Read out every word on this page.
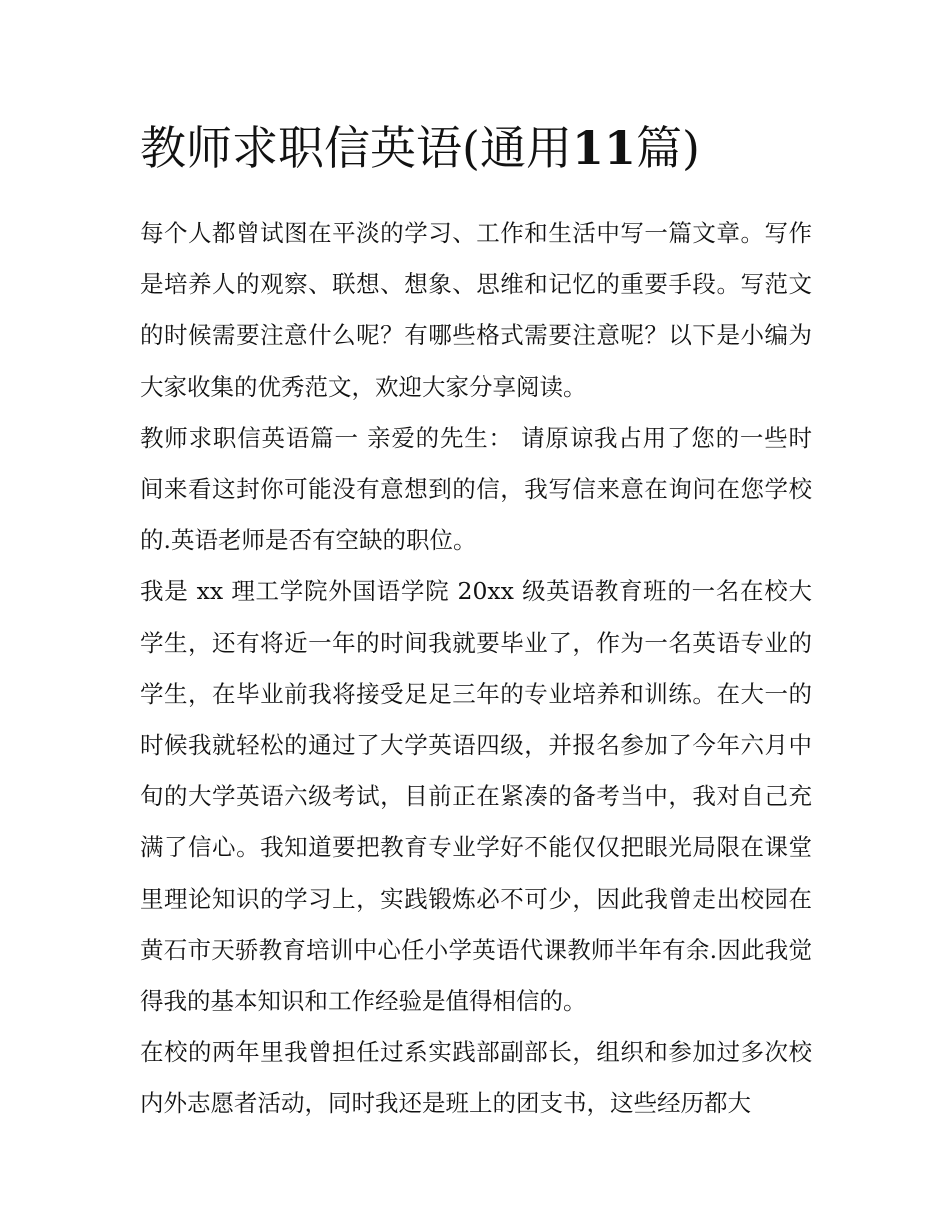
教师求职信英语(通用11篇)

每个人都曾试图在平淡的学习、工作和生活中写一篇文章。写作是培养人的观察、联想、想象、思维和记忆的重要手段。写范文的时候需要注意什么呢？有哪些格式需要注意呢？以下是小编为大家收集的优秀范文，欢迎大家分享阅读。

教师求职信英语篇一 亲爱的先生： 请原谅我占用了您的一些时间来看这封你可能没有意想到的信，我写信来意在询问在您学校的.英语老师是否有空缺的职位。

我是 xx 理工学院外国语学院 20xx 级英语教育班的一名在校大学生，还有将近一年的时间我就要毕业了，作为一名英语专业的学生，在毕业前我将接受足足三年的专业培养和训练。在大一的时候我就轻松的通过了大学英语四级，并报名参加了今年六月中旬的大学英语六级考试，目前正在紧凑的备考当中，我对自己充满了信心。我知道要把教育专业学好不能仅仅把眼光局限在课堂里理论知识的学习上，实践锻炼必不可少，因此我曾走出校园在黄石市天骄教育培训中心任小学英语代课教师半年有余.因此我觉得我的基本知识和工作经验是值得相信的。

在校的两年里我曾担任过系实践部副部长，组织和参加过多次校内外志愿者活动，同时我还是班上的团支书，这些经历都大
